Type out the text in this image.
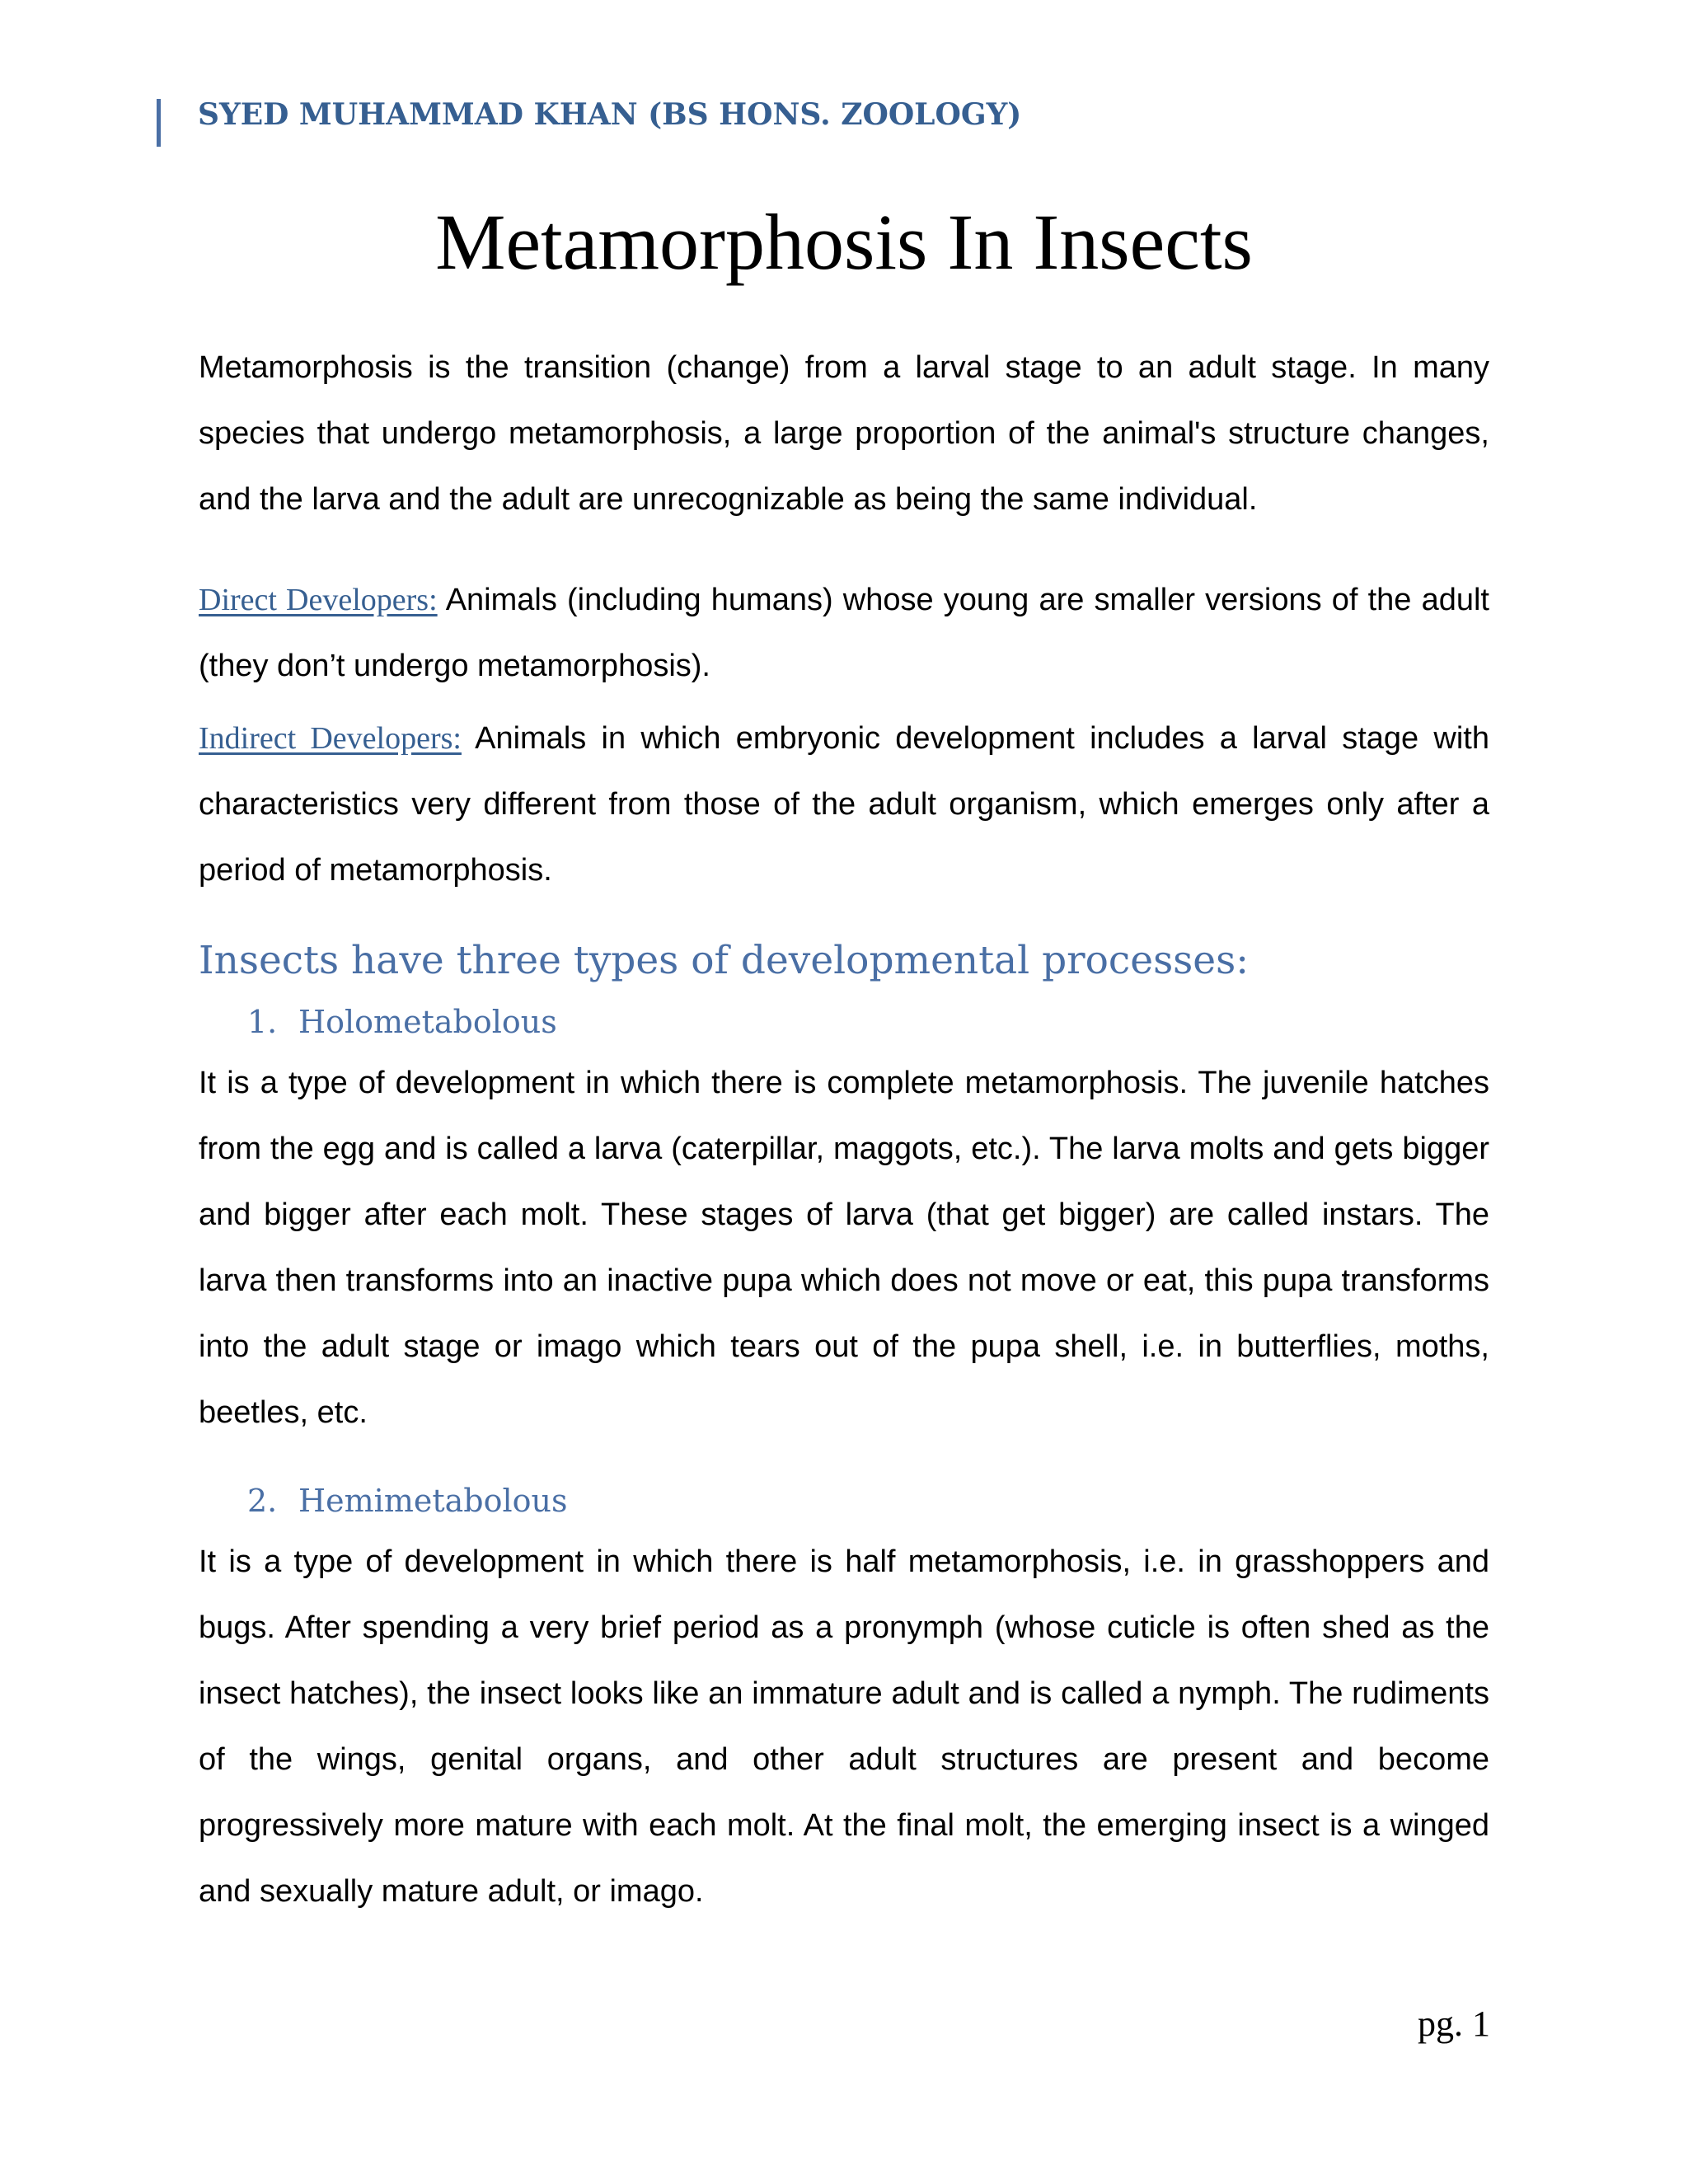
SYED MUHAMMAD KHAN (BS HONS. ZOOLOGY)
Metamorphosis In Insects

Metamorphosis is the transition (change) from a larval stage to an adult stage. In many species that undergo metamorphosis, a large proportion of the animal's structure changes, and the larva and the adult are unrecognizable as being the same individual.

Direct Developers: Animals (including humans) whose young are smaller versions of the adult (they don’t undergo metamorphosis).

Indirect Developers: Animals in which embryonic development includes a larval stage with characteristics very different from those of the adult organism, which emerges only after a period of metamorphosis.

Insects have three types of developmental processes:
1. Holometabolous

It is a type of development in which there is complete metamorphosis. The juvenile hatches from the egg and is called a larva (caterpillar, maggots, etc.). The larva molts and gets bigger and bigger after each molt. These stages of larva (that get bigger) are called instars. The larva then transforms into an inactive pupa which does not move or eat, this pupa transforms into the adult stage or imago which tears out of the pupa shell, i.e. in butterflies, moths, beetles, etc.

2. Hemimetabolous

It is a type of development in which there is half metamorphosis, i.e. in grasshoppers and bugs. After spending a very brief period as a pronymph (whose cuticle is often shed as the insect hatches), the insect looks like an immature adult and is called a nymph. The rudiments of the wings, genital organs, and other adult structures are present and become progressively more mature with each molt. At the final molt, the emerging insect is a winged and sexually mature adult, or imago.

pg. 1
